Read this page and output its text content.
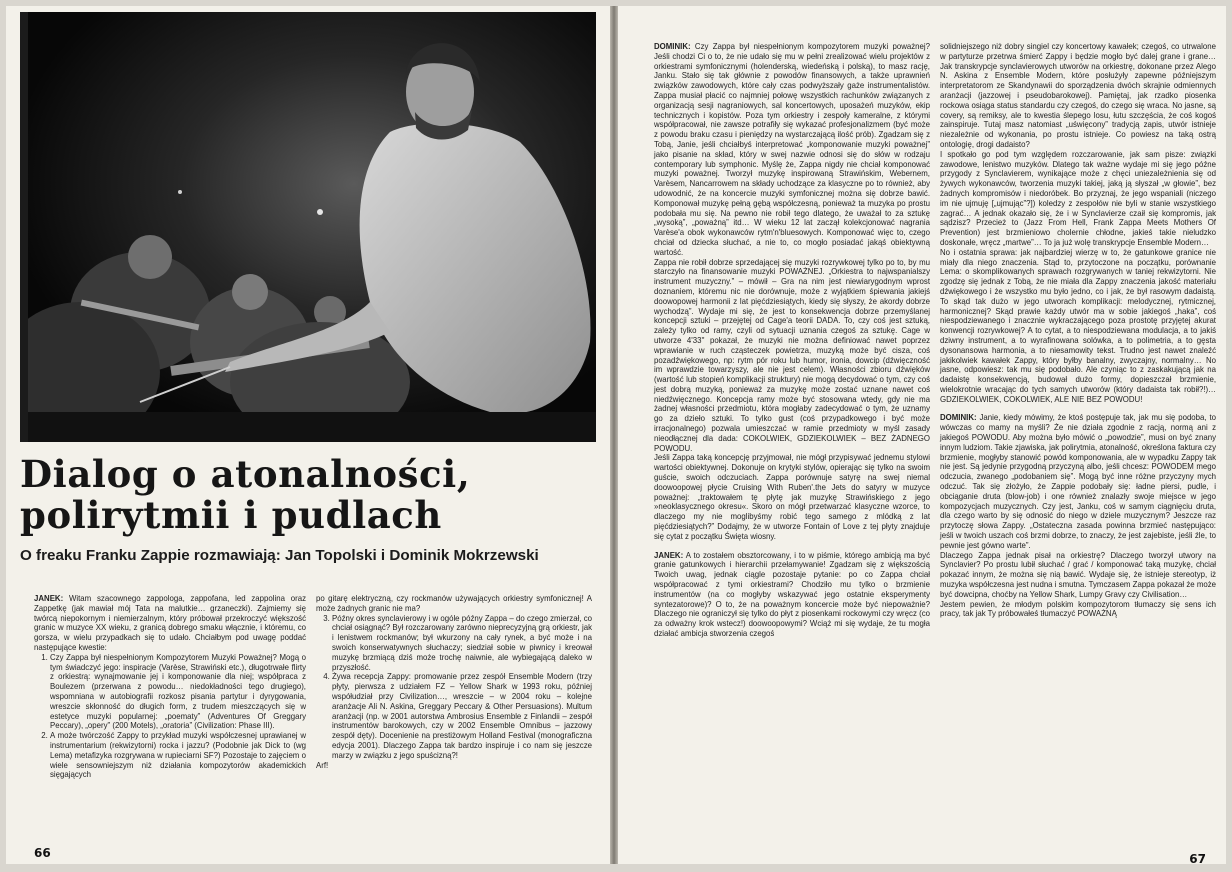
Dialog o atonalności,
polirytmii i pudlach
O freaku Franku Zappie rozmawiają: Jan Topolski i Dominik Mokrzewski

JANEK: Witam szacownego zappologa, zappofana, led zappolina oraz Zappetkę (jak mawiał mój Tata na malutkie… grzaneczki). Zajmiemy się twórcą niepokornym i niemierzalnym, który próbował przekroczyć większość granic w muzyce XX wieku, z granicą dobrego smaku włącznie, i któremu, co gorsza, w wielu przypadkach się to udało. Chciałbym pod uwagę poddać następujące kwestie:

1. Czy Zappa był niespełnionym Kompozytorem Muzyki Poważnej? Mogą o tym świadczyć jego: inspiracje (Varèse, Strawiński etc.), długotrwałe flirty z orkiestrą: wynajmowanie jej i komponowanie dla niej; współpraca z Boulezem (przerwana z powodu… niedokładności tego drugiego), wspomniana w autobiografii rozkosz pisania partytur i dyrygowania, wreszcie skłonność do długich form, z trudem mieszczących się w estetyce muzyki popularnej: „poematy” (Adventures Of Greggary Peccary), „opery” (200 Motels), „oratoria” (Civilization: Phase III).
2. A może twórczość Zappy to przykład muzyki współczesnej uprawianej w instrumentarium (rekwizytorni) rocka i jazzu? (Podobnie jak Dick to (wg Lema) metafizyka rozgrywana w rupieciarni SF?) Pozostaje to zajęciem o wiele sensowniejszym niż działania kompozytorów akademickich sięgających

po gitarę elektryczną, czy rockmanów używających orkiestry symfonicznej! A może żadnych granic nie ma?

3. Późny okres synclavierowy i w ogóle późny Zappa – do czego zmierzał, co chciał osiągnąć? Był rozczarowany zarówno nieprecyzyjną grą orkiestr, jak i lenistwem rockmanów; był wkurzony na cały rynek, a być może i na swoich konserwatywnych słuchaczy; siedział sobie w piwnicy i kreował muzykę brzmiącą dziś może trochę naiwnie, ale wybiegającą daleko w przyszłość.
4. Żywa recepcja Zappy: promowanie przez zespół Ensemble Modern (trzy płyty, pierwsza z udziałem FZ – Yellow Shark w 1993 roku, później współudział przy Civilization…, wreszcie – w 2004 roku – kolejne aranżacje Ali N. Askina, Greggary Peccary & Other Persuasions). Multum aranżacji (np. w 2001 autorstwa Ambrosius Ensemble z Finlandii – zespół instrumentów barokowych, czy w 2002 Ensemble Omnibus – jazzowy zespół dęty). Docenienie na prestiżowym Holland Festival (monograficzna edycja 2001). Dlaczego Zappa tak bardzo inspiruje i co nam się jeszcze marzy w związku z jego spuścizną?!

Arf!

66

DOMINIK: Czy Zappa był niespełnionym kompozytorem muzyki poważnej? Jeśli chodzi Ci o to, że nie udało się mu w pełni zrealizować wielu projektów z orkiestrami symfonicznymi (holenderską, wiedeńską i polską), to masz rację, Janku. Stało się tak głównie z powodów finansowych, a także uprawnień związków zawodowych, które cały czas podwyższały gaże instrumentalistów. Zappa musiał płacić co najmniej połowę wszystkich rachunków związanych z organizacją sesji nagraniowych, sal koncertowych, uposażeń muzyków, ekip technicznych i kopistów. Poza tym orkiestry i zespoły kameralne, z którymi współpracował, nie zawsze potrafiły się wykazać profesjonalizmem (być może z powodu braku czasu i pieniędzy na wystarczającą ilość prób). Zgadzam się z Tobą, Janie, jeśli chciałbyś interpretować „komponowanie muzyki poważnej” jako pisanie na skład, który w swej nazwie odnosi się do słów w rodzaju contemporary lub symphonic. Myślę że, Zappa nigdy nie chciał komponować muzyki poważnej. Tworzył muzykę inspirowaną Strawińskim, Webernem, Varèsem, Nancarrowem na składy uchodzące za klasyczne po to również, aby udowodnić, że na koncercie muzyki symfonicznej można się dobrze bawić. Komponował muzykę pełną gębą współczesną, ponieważ ta muzyka po prostu podobała mu się. Na pewno nie robił tego dlatego, że uważał to za sztukę „wysoką”, „poważną” itd… W wieku 12 lat zaczął kolekcjonować nagrania Varèse'a obok wykonawców rytm'n'bluesowych. Komponować więc to, czego chciał od dziecka słuchać, a nie to, co mogło posiadać jakąś obiektywną wartość.

Zappa nie robił dobrze sprzedającej się muzyki rozrywkowej tylko po to, by mu starczyło na finansowanie muzyki POWAŻNEJ. „Orkiestra to najwspanialszy instrument muzyczny.” – mówił – Gra na nim jest niewiarygodnym wprost doznaniem, któremu nic nie dorównuje, może z wyjątkiem śpiewania jakiejś doowopowej harmonii z lat pięćdziesiątych, kiedy się słyszy, że akordy dobrze wychodzą”. Wydaje mi się, że jest to konsekwencja dobrze przemyślanej koncepcji sztuki – przejętej od Cage'a teorii DADA. To, czy coś jest sztuką, zależy tylko od ramy, czyli od sytuacji uznania czegoś za sztukę. Cage w utworze 4'33'' pokazał, że muzyki nie można definiować nawet poprzez wprawianie w ruch cząsteczek powietrza, muzyką może być cisza, coś pozadźwiękowego, np: rytm pór roku lub humor, ironia, dowcip (dźwięczność im wprawdzie towarzyszy, ale nie jest celem). Własności zbioru dźwięków (wartość lub stopień komplikacji struktury) nie mogą decydować o tym, czy coś jest dobrą muzyką, ponieważ za muzykę może zostać uznane nawet coś niedźwięcznego. Koncepcja ramy może być stosowana wtedy, gdy nie ma żadnej własności przedmiotu, która mogłaby zadecydować o tym, że uznamy go za dzieło sztuki. To tylko gust (coś przypadkowego i być może irracjonalnego) pozwala umieszczać w ramie przedmioty w myśl zasady nieodłącznej dla dada: COKOLWIEK, GDZIEKOLWIEK – BEZ ŻADNEGO POWODU.

Jeśli Zappa taką koncepcję przyjmował, nie mógł przypisywać jednemu stylowi wartości obiektywnej. Dokonuje on krytyki stylów, opierając się tylko na swoim guście, swoich odczuciach. Zappa porównuje satyrę na swej niemal doowoopowej płycie Cruising With Ruben'.the Jets do satyry w muzyce poważnej: „traktowałem tę płytę jak muzykę Strawińskiego z jego »neoklasycznego okresu«. Skoro on mógł przetwarzać klasyczne wzorce, to dlaczego my nie moglibyśmy robić tego samego z mlódką z lat pięćdziesiątych?” Dodajmy, że w utworze Fontain of Love z tej płyty znajduje się cytat z początku Święta wiosny.

JANEK: A to zostałem obsztorcowany, i to w piśmie, którego ambicją ma być granie gatunkowych i hierarchii przełamywanie! Zgadzam się z większością Twoich uwag, jednak ciągle pozostaje pytanie: po co Zappa chciał współpracować z tymi orkiestrami? Chodziło mu tylko o brzmienie instrumentów (na co mogłyby wskazywać jego ostatnie eksperymenty syntezatorowe)? O to, że na poważnym koncercie może być niepoważnie? Dlaczego nie ograniczył się tylko do płyt z piosenkami rockowymi czy wręcz (co za odważny krok wstecz!) doowoopowymi? Wciąż mi się wydaje, że tu mogła działać ambicja stworzenia czegoś

solidniejszego niż dobry singiel czy koncertowy kawałek; czegoś, co utrwalone w partyturze przetrwa śmierć Zappy i będzie mogło być dalej grane i grane… Jak transkrypcje synclavierowych utworów na orkiestrę, dokonane przez Alego N. Askina z Ensemble Modern, które posłużyły zapewne późniejszym interpretatorom ze Skandynawii do sporządzenia dwóch skrajnie odmiennych aranżacji (jazzowej i pseudobarokowej). Pamiętaj, jak rzadko piosenka rockowa osiąga status standardu czy czegoś, do czego się wraca. No jasne, są covery, są remiksy, ale to kwestia ślepego losu, łutu szczęścia, że coś kogoś zainspiruje. Tutaj masz natomiast „uświęcony” tradycją zapis, utwór istnieje niezależnie od wykonania, po prostu istnieje. Co powiesz na taką ostrą ontologię, drogi dadaisto?

I spotkało go pod tym względem rozczarowanie, jak sam pisze: związki zawodowe, lenistwo muzyków. Dlatego tak ważne wydaje mi się jego późne przygody z Synclavierem, wynikające może z chęci uniezależnienia się od żywych wykonawców, tworzenia muzyki takiej, jaką ją słyszał „w głowie”, bez żadnych kompromisów i niedoróbek. Bo przyznaj, że jego wspaniali (niczego im nie ujmuję [„ujmując”?]) koledzy z zespołów nie byli w stanie wszystkiego zagrać… A jednak okazało się, że i w Synclavierze czaił się kompromis, jak sądzisz? Przecież to (Jazz From Hell, Frank Zappa Meets Mothers Of Prevention) jest brzmieniowo cholernie chłodne, jakieś takie nieludzko doskonałe, wręcz „martwe”… To ja już wolę transkrypcje Ensemble Modern…

No i ostatnia sprawa: jak najbardziej wierzę w to, że gatunkowe granice nie miały dla niego znaczenia. Stąd to, przytoczone na początku, porównanie Lema: o skomplikowanych sprawach rozgrywanych w taniej rekwizytorni. Nie zgodzę się jednak z Tobą, że nie miała dla Zappy znaczenia jakość materiału dźwiękowego i że wszystko mu było jedno, co i jak, że był rasowym dadaistą. To skąd tak dużo w jego utworach komplikacji: melodycznej, rytmicznej, harmonicznej? Skąd prawie każdy utwór ma w sobie jakiegoś „haka”, coś niespodziewanego i znacznie wykraczającego poza prostotę przyjętej akurat konwencji rozrywkowej? A to cytat, a to niespodziewana modulacja, a to jakiś dziwny instrument, a to wyrafinowana solówka, a to polimetria, a to gęsta dysonansowa harmonia, a to niesamowity tekst. Trudno jest nawet znaleźć jakikolwiek kawałek Zappy, który byłby banalny, zwyczajny, normalny… No jasne, odpowiesz: tak mu się podobało. Ale czyniąc to z zaskakującą jak na dadaistę konsekwencją, budował dużo formy, dopieszczał brzmienie, wielokrotnie wracając do tych samych utworów (który dadaista tak robił?!)… GDZIEKOLWIEK, COKOLWIEK, ALE NIE BEZ POWODU!

DOMINIK: Janie, kiedy mówimy, że ktoś postępuje tak, jak mu się podoba, to wówczas co mamy na myśli? Że nie działa zgodnie z racją, normą ani z jakiegoś POWODU. Aby można było mówić o „powodzie”, musi on być znany innym ludziom. Takie zjawiska, jak polirytmia, atonalność, określona faktura czy brzmienie, mogłyby stanowić powód komponowania, ale w wypadku Zappy tak nie jest. Są jedynie przygodną przyczyną albo, jeśli chcesz: POWODEM mego odczucia, zwanego „podobaniem się”. Mogą być inne różne przyczyny mych odczuć. Tak się złożyło, że Zappie podobały się: ładne piersi, pudle, i obciąganie druta (blow-job) i one również znalazły swoje miejsce w jego kompozycjach muzycznych. Czy jest, Janku, coś w samym ciągnięciu druta, dla czego warto by się odnosić do niego w dziele muzycznym? Jeszcze raz przytoczę słowa Zappy. „Ostateczna zasada powinna brzmieć następująco: jeśli w twoich uszach coś brzmi dobrze, to znaczy, że jest zajebiste, jeśli źle, to pewnie jest gówno warte”.

Dlaczego Zappa jednak pisał na orkiestrę? Dlaczego tworzył utwory na Synclavier? Po prostu lubił słuchać / grać / komponować taką muzykę, chciał pokazać innym, że można się nią bawić. Wydaje się, że istnieje stereotyp, iż muzyka współczesna jest nudna i smutna. Tymczasem Zappa pokazał że może być dowcipna, choćby na Yellow Shark, Lumpy Gravy czy Civilisation…

Jestem pewien, że młodym polskim kompozytorom tłumaczy się sens ich pracy, tak jak Ty próbowałeś tłumaczyć POWAŻNĄ

67
